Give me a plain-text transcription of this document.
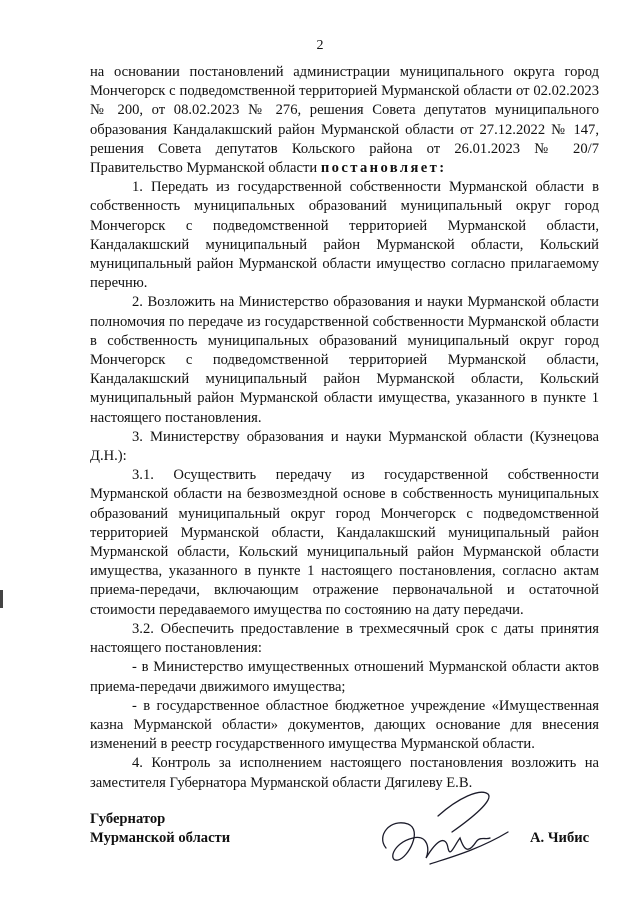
2

на основании постановлений администрации муниципального округа город Мончегорск с подведомственной территорией Мурманской области от 02.02.2023 № 200, от 08.02.2023 № 276, решения Совета депутатов муниципального образования Кандалакшский район Мурманской области от 27.12.2022 № 147, решения Совета депутатов Кольского района от 26.01.2023 № 20/7 Правительство Мурманской области постановляет:

1. Передать из государственной собственности Мурманской области в собственность муниципальных образований муниципальный округ город Мончегорск с подведомственной территорией Мурманской области, Кандалакшский муниципальный район Мурманской области, Кольский муниципальный район Мурманской области имущество согласно прилагаемому перечню.

2. Возложить на Министерство образования и науки Мурманской области полномочия по передаче из государственной собственности Мурманской области в собственность муниципальных образований муниципальный округ город Мончегорск с подведомственной территорией Мурманской области, Кандалакшский муниципальный район Мурманской области, Кольский муниципальный район Мурманской области имущества, указанного в пункте 1 настоящего постановления.

3. Министерству образования и науки Мурманской области (Кузнецова Д.Н.):

3.1. Осуществить передачу из государственной собственности Мурманской области на безвозмездной основе в собственность муниципальных образований муниципальный округ город Мончегорск с подведомственной территорией Мурманской области, Кандалакшский муниципальный район Мурманской области, Кольский муниципальный район Мурманской области имущества, указанного в пункте 1 настоящего постановления, согласно актам приема-передачи, включающим отражение первоначальной и остаточной стоимости передаваемого имущества по состоянию на дату передачи.

3.2. Обеспечить предоставление в трехмесячный срок с даты принятия настоящего постановления:

- в Министерство имущественных отношений Мурманской области актов приема-передачи движимого имущества;

- в государственное областное бюджетное учреждение «Имущественная казна Мурманской области» документов, дающих основание для внесения изменений в реестр государственного имущества Мурманской области.

4. Контроль за исполнением настоящего постановления возложить на заместителя Губернатора Мурманской области Дягилеву Е.В.

Губернатор
Мурманской области	А. Чибис
